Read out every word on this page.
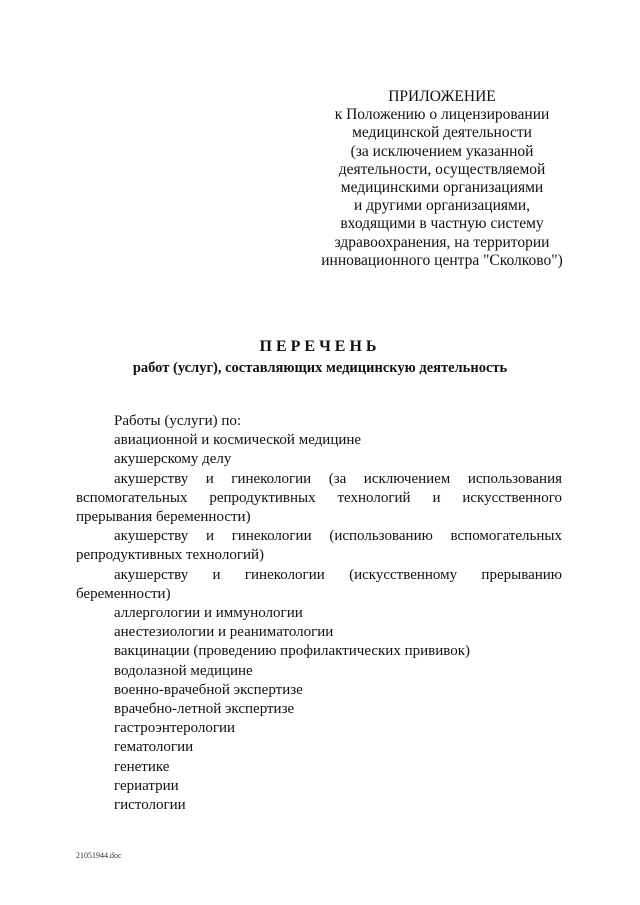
ПРИЛОЖЕНИЕ
к Положению о лицензировании
медицинской деятельности
(за исключением указанной
деятельности, осуществляемой
медицинскими организациями
и другими организациями,
входящими в частную систему
здравоохранения, на территории
инновационного центра "Сколково")
ПЕРЕЧЕНЬ
работ (услуг), составляющих медицинскую деятельность

Работы (услуги) по:

авиационной и космической медицине

акушерскому делу

акушерству и гинекологии (за исключением использования

вспомогательных репродуктивных технологий и искусственного

прерывания беременности)

акушерству и гинекологии (использованию вспомогательных

репродуктивных технологий)

акушерству и гинекологии (искусственному прерыванию

беременности)

аллергологии и иммунологии

анестезиологии и реаниматологии

вакцинации (проведению профилактических прививок)

водолазной медицине

военно-врачебной экспертизе

врачебно-летной экспертизе

гастроэнтерологии

гематологии

генетике

гериатрии

гистологии

21051944.doc
